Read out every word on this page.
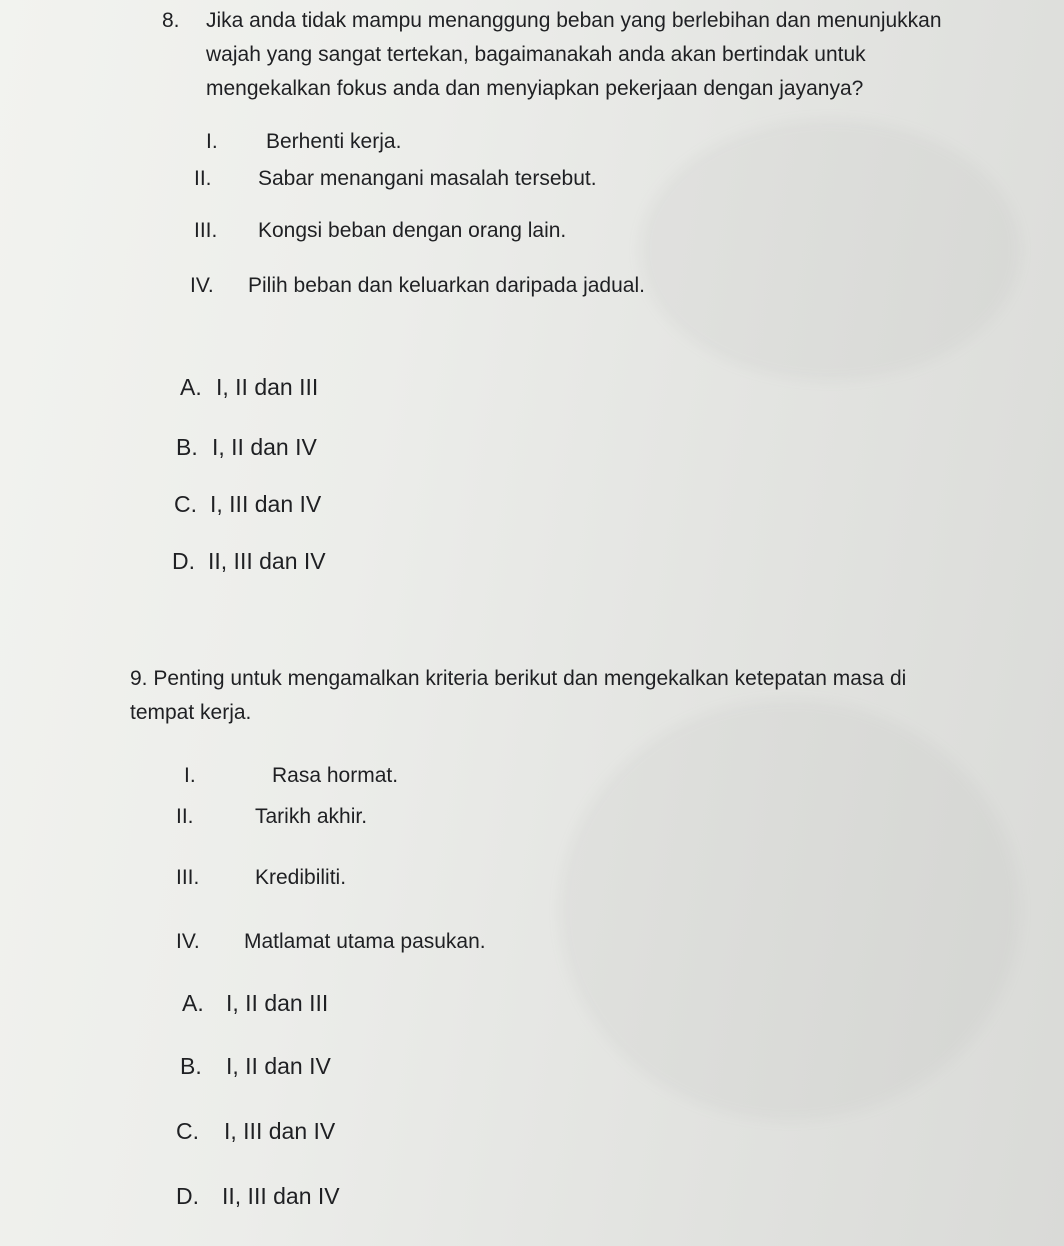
8. Jika anda tidak mampu menanggung beban yang berlebihan dan menunjukkan
wajah yang sangat tertekan, bagaimanakah anda akan bertindak untuk
mengekalkan fokus anda dan menyiapkan pekerjaan dengan jayanya?
I. Berhenti kerja.
II. Sabar menangani masalah tersebut.
III. Kongsi beban dengan orang lain.
IV. Pilih beban dan keluarkan daripada jadual.
A. I, II dan III
B. I, II dan IV
C. I, III dan IV
D. II, III dan IV
9. Penting untuk mengamalkan kriteria berikut dan mengekalkan ketepatan masa di
tempat kerja.
I.	Rasa hormat.
II.	Tarikh akhir.
III.	Kredibiliti.
IV. Matlamat utama pasukan.
A. I, II dan III
B. I, II dan IV
C. I, III dan IV
D. II, III dan IV
